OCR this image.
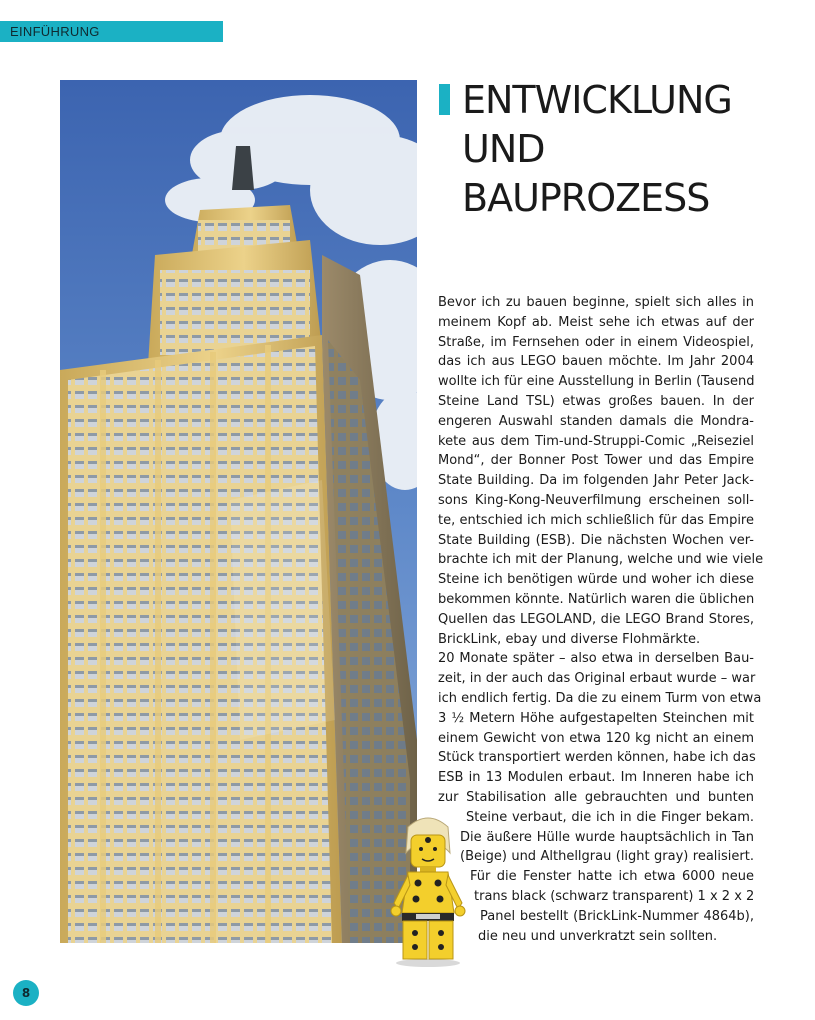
EINFÜHRUNG
ENTWICKLUNG
UND
BAUPROZESS
Bevor ich zu bauen beginne, spielt sich alles in
meinem Kopf ab. Meist sehe ich etwas auf der
Straße, im Fernsehen oder in einem Videospiel,
das ich aus LEGO bauen möchte. Im Jahr 2004
wollte ich für eine Ausstellung in Berlin (Tausend
Steine Land TSL) etwas großes bauen. In der
engeren Auswahl standen damals die Mondra-
kete aus dem Tim-und-Struppi-Comic „Reiseziel
Mond“, der Bonner Post Tower und das Empire
State Building. Da im folgenden Jahr Peter Jack-
sons King-Kong-Neuverfilmung erscheinen soll-
te, entschied ich mich schließlich für das Empire
State Building (ESB). Die nächsten Wochen ver-
brachte ich mit der Planung, welche und wie viele
Steine ich benötigen würde und woher ich diese
bekommen könnte. Natürlich waren die üblichen
Quellen das LEGOLAND, die LEGO Brand Stores,
BrickLink, ebay und diverse Flohmärkte.
20 Monate später – also etwa in derselben Bau-
zeit, in der auch das Original erbaut wurde – war
ich endlich fertig. Da die zu einem Turm von etwa
3 ½ Metern Höhe aufgestapelten Steinchen mit
einem Gewicht von etwa 120 kg nicht an einem
Stück transportiert werden können, habe ich das
ESB in 13 Modulen erbaut. Im Inneren habe ich
zur Stabilisation alle gebrauchten und bunten
Steine verbaut, die ich in die Finger bekam.
Die äußere Hülle wurde hauptsächlich in Tan
(Beige) und Althellgrau (light gray) realisiert.
Für die Fenster hatte ich etwa 6000 neue
trans black (schwarz transparent) 1 x 2 x 2
Panel bestellt (BrickLink-Nummer 4864b),
die neu und unverkratzt sein sollten.
8
